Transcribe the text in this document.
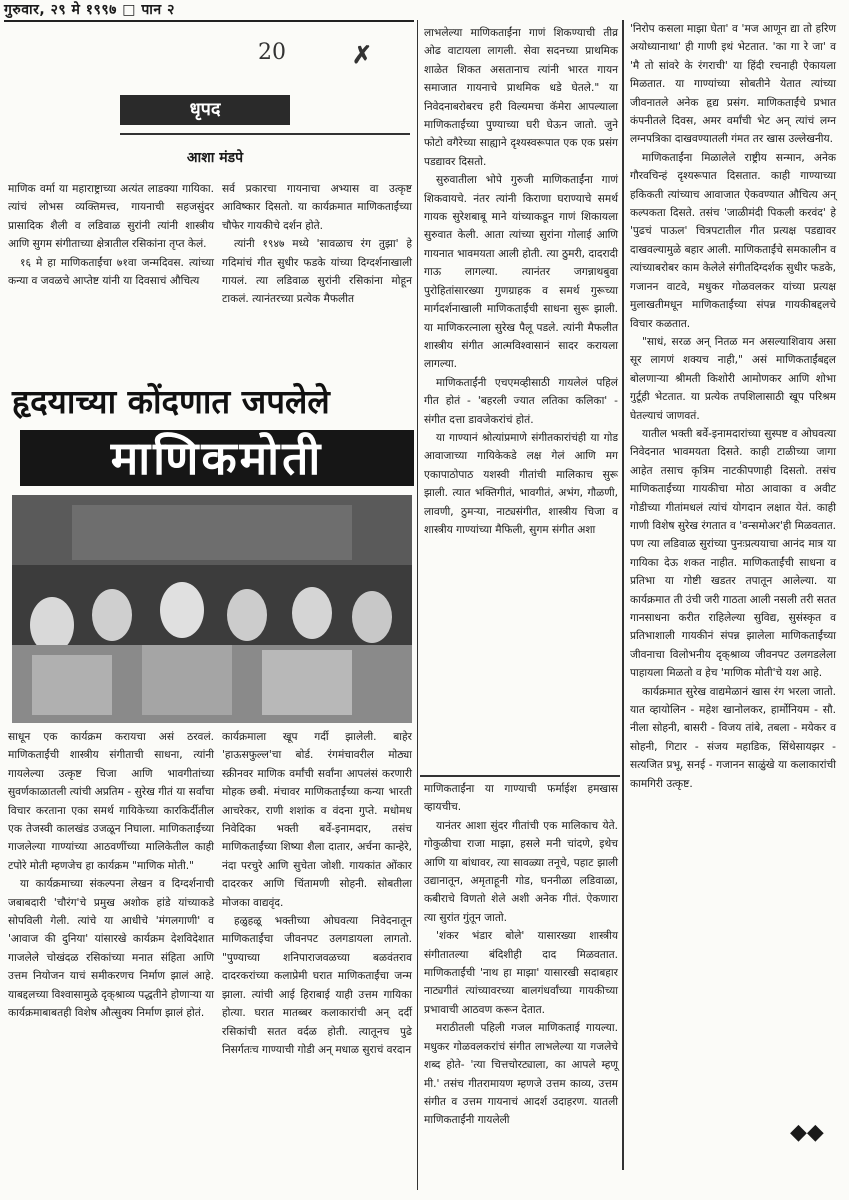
गुरुवार, २९ मे १९९७ □ पान २
20	✗
धृपद
आशा मंडपे

माणिक वर्मा या महाराष्ट्राच्या अत्यंत लाडक्या गायिका. त्यांचं लोभस व्यक्तिमत्त्व, गायनाची सहजसुंदर प्रासादिक शैली व लडिवाळ सुरांनी त्यांनी शास्त्रीय आणि सुगम संगीताच्या क्षेत्रातील रसिकांना तृप्त केलं.

१६ मे हा माणिकताईंचा ७१वा जन्मदिवस. त्यांच्या कन्या व जवळचे आप्तेष्ट यांनी या दिवसाचं औचित्य

सर्व प्रकारचा गायनाचा अभ्यास वा उत्कृष्ट आविष्कार दिसतो. या कार्यक्रमात माणिकताईंच्या चौफेर गायकीचे दर्शन होते.

त्यांनी १९४७ मध्ये 'सावळाच रंग तुझा' हे गदिमांचं गीत सुधीर फडके यांच्या दिग्दर्शनाखाली गायलं. त्या लडिवाळ सुरांनी रसिकांना मोहून टाकलं. त्यानंतरच्या प्रत्येक मैफलीत

हृदयाच्या कोंदणात जपलेले
माणिकमोती

साधून एक कार्यक्रम करायचा असं ठरवलं. माणिकताईंची शास्त्रीय संगीताची साधना, त्यांनी गायलेल्या उत्कृष्ट चिजा आणि भावगीतांच्या सुवर्णकाळातली त्यांची अप्रतिम - सुरेख गीतं या सर्वांचा विचार करताना एका समर्थ गायिकेच्या कारकिर्दीतील एक तेजस्वी कालखंड उजळून निघाला. माणिकताईंच्या गाजलेल्या गाण्यांच्या आठवणींच्या मालिकेतील काही टपोरे मोती म्हणजेच हा कार्यक्रम "माणिक मोती."

या कार्यक्रमाच्या संकल्पना लेखन व दिग्दर्शनाची जबाबदारी 'चौरंग'चे प्रमुख अशोक हांडे यांच्याकडे सोपविली गेली. त्यांचे या आधीचे 'मंगलगाणी' व 'आवाज की दुनिया' यांसारखे कार्यक्रम देशविदेशात गाजलेले चोखंदळ रसिकांच्या मनात संहिता आणि उत्तम नियोजन याचं समीकरणच निर्माण झालं आहे. याबद्दलच्या विश्वासामुळे दृक्‌श्राव्य पद्धतीने होणाऱ्या या कार्यक्रमाबाबतही विशेष औत्सुक्य निर्माण झालं होतं.

कार्यक्रमाला खूप गर्दी झालेली. बाहेर 'हाऊसफुल्ल'चा बोर्ड. रंगमंचावरील मोठ्या स्क्रीनवर माणिक वर्मांची सर्वांना आपलंसं करणारी मोहक छबी. मंचावर माणिकताईंच्या कन्या भारती आचरेकर, राणी शशांक व वंदना गुप्ते. मधोमध निवेदिका भक्ती बर्वे-इनामदार, तसंच माणिकताईंच्या शिष्या शैला दातार, अर्चना कान्हेरे, नंदा परचुरे आणि सुचेता जोशी. गायकांत ओंकार दादरकर आणि चिंतामणी सोहनी. सोबतीला मोजका वाद्यवृंद.

हळुहळू भक्तीच्या ओघवत्या निवेदनातून माणिकताईंचा जीवनपट उलगडायला लागतो. "पुण्याच्या शनिपाराजवळच्या बळवंतराव दादरकरांच्या कलाप्रेमी घरात माणिकताईंचा जन्म झाला. त्यांची आई हिराबाई याही उत्तम गायिका होत्या. घरात मातब्बर कलाकारांची अन् दर्दी रसिकांची सतत वर्दळ होती. त्यातूनच पुढे निसर्गतःच गाण्याची गोडी अन् मधाळ सुराचं वरदान

लाभलेल्या माणिकताईंना गाणं शिकण्याची तीव्र ओढ वाटायला लागली. सेवा सदनच्या प्राथमिक शाळेत शिकत असतानाच त्यांनी भारत गायन समाजात गायनाचे प्राथमिक धडे घेतले." या निवेदनाबरोबरच हरी विल्यमचा कॅमेरा आपल्याला माणिकताईंच्या पुण्याच्या घरी घेऊन जातो. जुने फोटो वगैरेच्या साह्याने दृश्यस्वरूपात एक एक प्रसंग पडद्यावर दिसतो.

सुरुवातीला भोपे गुरुजी माणिकताईंना गाणं शिकवायचे. नंतर त्यांनी किराणा घराण्याचे समर्थ गायक सुरेशबाबू माने यांच्याकडून गाणं शिकायला सुरुवात केली. आता त्यांच्या सुरांना गोलाई आणि गायनात भावमयता आली होती. त्या ठुमरी, दादरादी गाऊ लागल्या. त्यानंतर जगन्नाथबुवा पुरोहितांसारख्या गुणग्राहक व समर्थ गुरूच्या मार्गदर्शनाखाली माणिकताईंची साधना सुरू झाली. या माणिकरत्नाला सुरेख पैलू पडले. त्यांनी मैफलीत शास्त्रीय संगीत आत्मविश्वासानं सादर करायला लागल्या.

माणिकताईंनी एचएमव्हीसाठी गायलेलं पहिलं गीत होतं - 'बहरली ज्यात लतिका कलिका' - संगीत दत्ता डावजेकरांचं होतं.

या गाण्यानं श्रोत्यांप्रमाणे संगीतकारांचंही या गोड आवाजाच्या गायिकेकडे लक्ष गेलं आणि मग एकापाठोपाठ यशस्वी गीतांची मालिकाच सुरू झाली. त्यात भक्तिगीतं, भावगीतं, अभंग, गौळणी, लावणी, ठुमऱ्या, नाट्यसंगीत, शास्त्रीय चिजा व शास्त्रीय गाण्यांच्या मैफिली, सुगम संगीत अशा

माणिकताईंना या गाण्याची फर्माईश हमखास व्हायचीच.

यानंतर आशा सुंदर गीतांची एक मालिकाच येते. गोकुळीचा राजा माझा, हसले मनी चांदणे, इथेच आणि या बांधावर, त्या सावळ्या तनूचे, पहाट झाली उद्यानातून, अमृताहूनी गोड, घननीळा लडिवाळा, कबीराचे विणतो शेले अशी अनेक गीतं. ऐकणारा त्या सुरांत गुंतून जातो.

'शंकर भंडार बोले' यासारख्या शास्त्रीय संगीतातल्या बंदिशीही दाद मिळवतात. माणिकताईंची 'नाथ हा माझा' यासारखी सदाबहार नाट्यगीतं त्यांच्यावरच्या बालगंधर्वांच्या गायकीच्या प्रभावाची आठवण करून देतात.

मराठीतली पहिली गजल माणिकताई गायल्या. मधुकर गोळवलकरांचं संगीत लाभलेल्या या गजलेचे शब्द होते- 'त्या चित्तचोरट्याला, का आपले म्हणू मी.' तसंच गीतरामायण म्हणजे उत्तम काव्य, उत्तम संगीत व उत्तम गायनाचं आदर्श उदाहरण. यातली माणिकताईंनी गायलेली

'निरोप कसला माझा घेता' व 'मज आणून द्या तो हरिण अयोध्यानाथा' ही गाणी इथं भेटतात. 'का गा रे जा' व 'मै तो सांवरे के रंगराची' या हिंदी रचनाही ऐकायला मिळतात. या गाण्यांच्या सोबतीने येतात त्यांच्या जीवनातले अनेक हृद्य प्रसंग. माणिकताईंचे प्रभात कंपनीतले दिवस, अमर वर्मांची भेट अन् त्यांचं लग्न लग्नपत्रिका दाखवण्यातली गंमत तर खास उल्लेखनीय.

माणिकताईंना मिळालेले राष्ट्रीय सन्मान, अनेक गौरवचिन्हं दृश्यरूपात दिसतात. काही गाण्याच्या हकिकती त्यांच्याच आवाजात ऐकवण्यात औचित्य अन् कल्पकता दिसते. तसंच 'जाळीमंदी पिकली करवंद' हे 'पुढचं पाऊल' चित्रपटातील गीत प्रत्यक्ष पडद्यावर दाखवल्यामुळे बहार आली. माणिकताईंचे समकालीन व त्यांच्याबरोबर काम केलेले संगीतदिग्दर्शक सुधीर फडके, गजानन वाटवे, मधुकर गोळवलकर यांच्या प्रत्यक्ष मुलाखतीमधून माणिकताईंच्या संपन्न गायकीबद्दलचे विचार कळतात.

"साधं, सरळ अन् नितळ मन असल्याशिवाय असा सूर लागणं शक्यच नाही," असं माणिकताईंबद्दल बोलणाऱ्या श्रीमती किशोरी आमोणकर आणि शोभा गुर्टूही भेटतात. या प्रत्येक तपशिलासाठी खूप परिश्रम घेतल्याचं जाणवतं.

यातील भक्ती बर्वे-इनामदारांच्या सुस्पष्ट व ओघवत्या निवेदनात भावमयता दिसते. काही टाळीच्या जागा आहेत तसाच कृत्रिम नाटकीपणाही दिसतो. तसंच माणिकताईंच्या गायकीचा मोठा आवाका व अवीट गोडीच्या गीतांमधलं त्यांचं योगदान लक्षात येतं. काही गाणी विशेष सुरेख रंगतात व 'वन्समोअर'ही मिळवतात. पण त्या लडिवाळ सुरांच्या पुनःप्रत्ययाचा आनंद मात्र या गायिका देऊ शकत नाहीत. माणिकताईंची साधना व प्रतिभा या गोष्टी खडतर तपातून आलेल्या. या कार्यक्रमात ती उंची जरी गाठता आली नसली तरी सतत गानसाधना करीत राहिलेल्या सुविद्य, सुसंस्कृत व प्रतिभाशाली गायकीनं संपन्न झालेला माणिकताईंच्या जीवनाचा विलोभनीय दृक्‌श्राव्य जीवनपट उलगडलेला पाहायला मिळतो व हेच 'माणिक मोती'चे यश आहे.

कार्यक्रमात सुरेख वाद्यमेळानं खास रंग भरला जातो. यात व्हायोलिन - महेश खानोलकर, हार्मोनियम - सौ. नीला सोहनी, बासरी - विजय तांबे, तबला - मयेकर व सोहनी, गिटार - संजय महाडिक, सिंथेसायझर - सत्यजित प्रभू, सनई - गजानन साळुंखे या कलाकारांची कामगिरी उत्कृष्ट.

◆◆
